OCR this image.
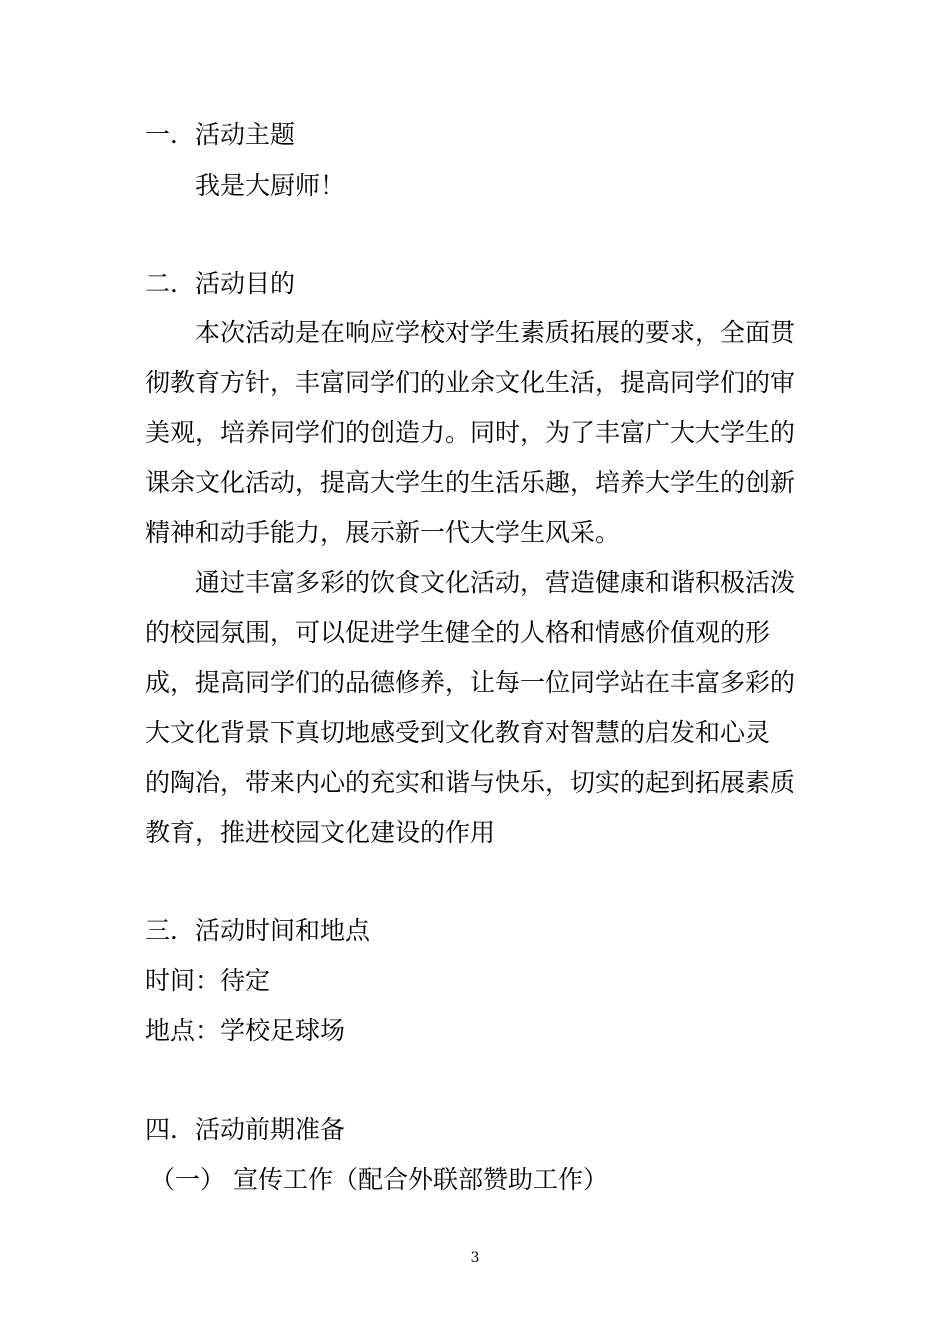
一．活动主题
我是大厨师！
二．活动目的
本次活动是在响应学校对学生素质拓展的要求，全面贯
彻教育方针，丰富同学们的业余文化生活，提高同学们的审
美观，培养同学们的创造力。同时，为了丰富广大大学生的
课余文化活动，提高大学生的生活乐趣，培养大学生的创新
精神和动手能力，展示新一代大学生风采。
通过丰富多彩的饮食文化活动，营造健康和谐积极活泼
的校园氛围，可以促进学生健全的人格和情感价值观的形
成，提高同学们的品德修养，让每一位同学站在丰富多彩的
大文化背景下真切地感受到文化教育对智慧的启发和心灵
的陶冶，带来内心的充实和谐与快乐，切实的起到拓展素质
教育，推进校园文化建设的作用
三．活动时间和地点
时间：待定
地点：学校足球场
四．活动前期准备
（一） 宣传工作（配合外联部赞助工作）
3
